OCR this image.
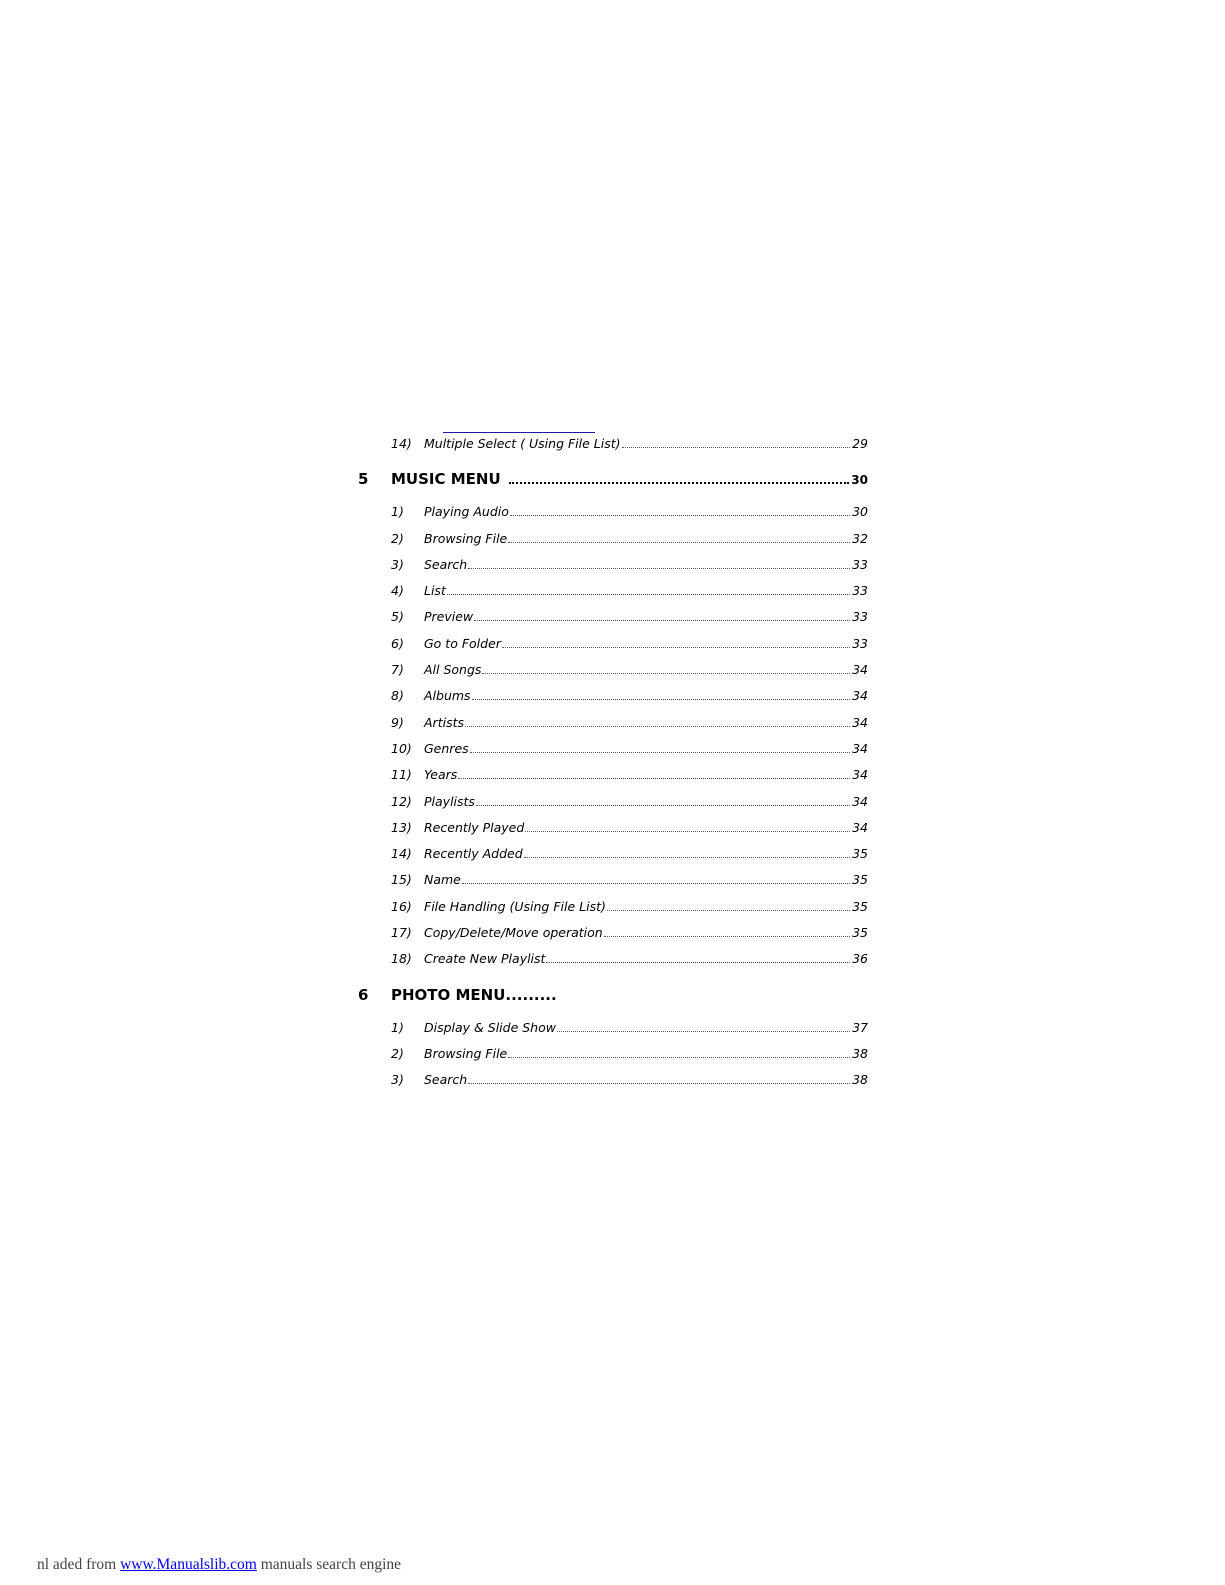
14) Multiple Select ( Using File List)	29
5	MUSIC MENU	30
1)	Playing Audio	30
2)	Browsing File	32
3)	Search	33
4)	List	33
5)	Preview	33
6)	Go to Folder	33
7)	All Songs	34
8)	Albums	34
9)	Artists	34
10) Genres	34
11) Years	34
12) Playlists	34
13) Recently Played	34
14) Recently Added	35
15) Name	35
16) File Handling (Using File List)	35
17) Copy/Delete/Move operation	35
18) Create New Playlist	36
6	PHOTO MENU.........
1)	Display & Slide Show	37
2)	Browsing File	38
3)	Search	38
nl aded from www.Manualslib.com manuals search engine
